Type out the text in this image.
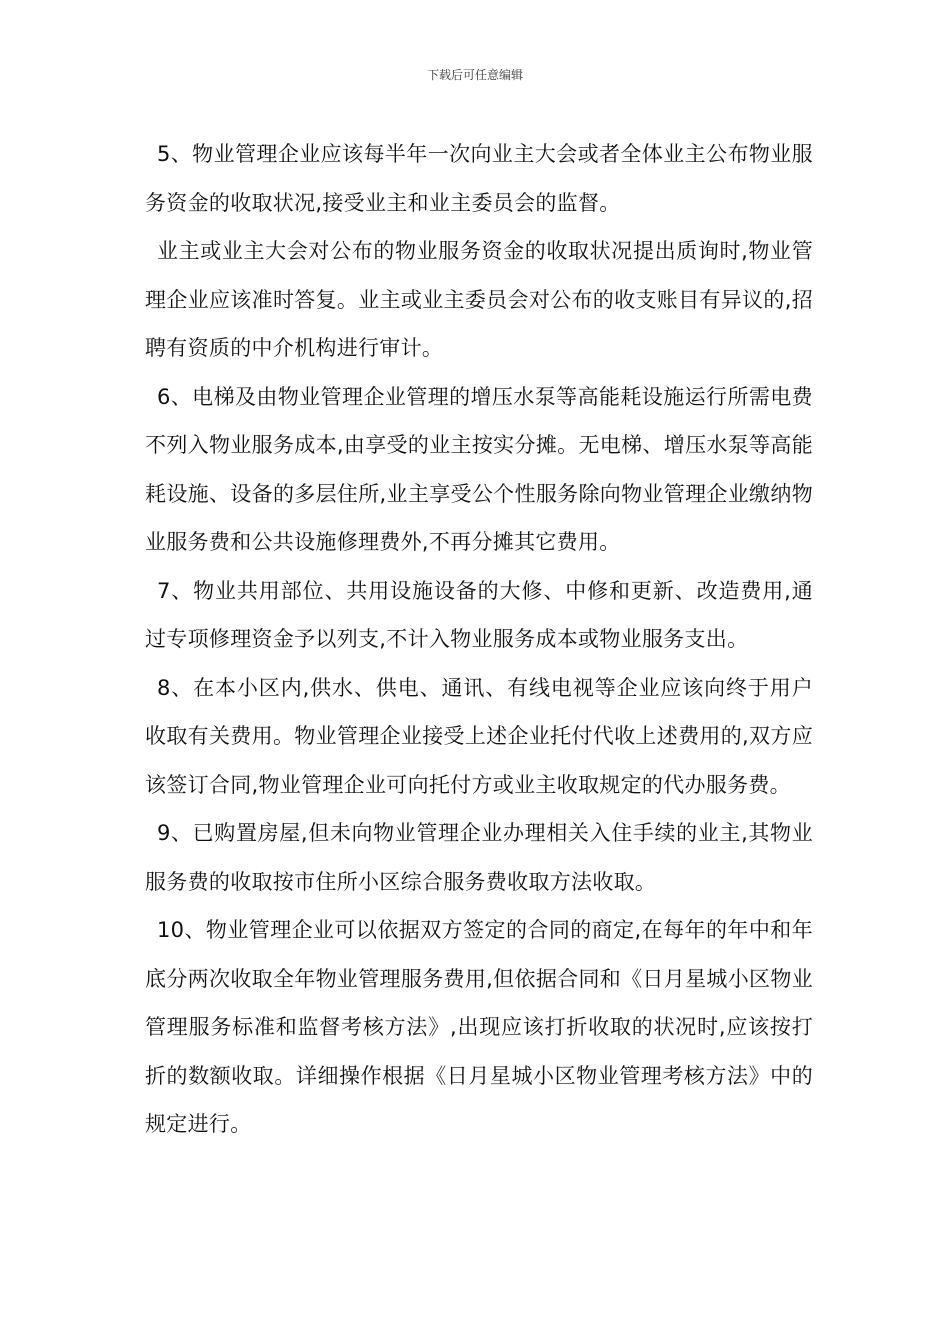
下载后可任意编辑

5、物业管理企业应该每半年一次向业主大会或者全体业主公布物业服务资金的收取状况,接受业主和业主委员会的监督。

业主或业主大会对公布的物业服务资金的收取状况提出质询时,物业管理企业应该准时答复。业主或业主委员会对公布的收支账目有异议的,招聘有资质的中介机构进行审计。

6、电梯及由物业管理企业管理的增压水泵等高能耗设施运行所需电费不列入物业服务成本,由享受的业主按实分摊。无电梯、增压水泵等高能耗设施、设备的多层住所,业主享受公个性服务除向物业管理企业缴纳物业服务费和公共设施修理费外,不再分摊其它费用。

7、物业共用部位、共用设施设备的大修、中修和更新、改造费用,通过专项修理资金予以列支,不计入物业服务成本或物业服务支出。

8、在本小区内,供水、供电、通讯、有线电视等企业应该向终于用户收取有关费用。物业管理企业接受上述企业托付代收上述费用的,双方应该签订合同,物业管理企业可向托付方或业主收取规定的代办服务费。

9、已购置房屋,但未向物业管理企业办理相关入住手续的业主,其物业服务费的收取按市住所小区综合服务费收取方法收取。

10、物业管理企业可以依据双方签定的合同的商定,在每年的年中和年底分两次收取全年物业管理服务费用,但依据合同和《日月星城小区物业管理服务标准和监督考核方法》,出现应该打折收取的状况时,应该按打折的数额收取。详细操作根据《日月星城小区物业管理考核方法》中的规定进行。
